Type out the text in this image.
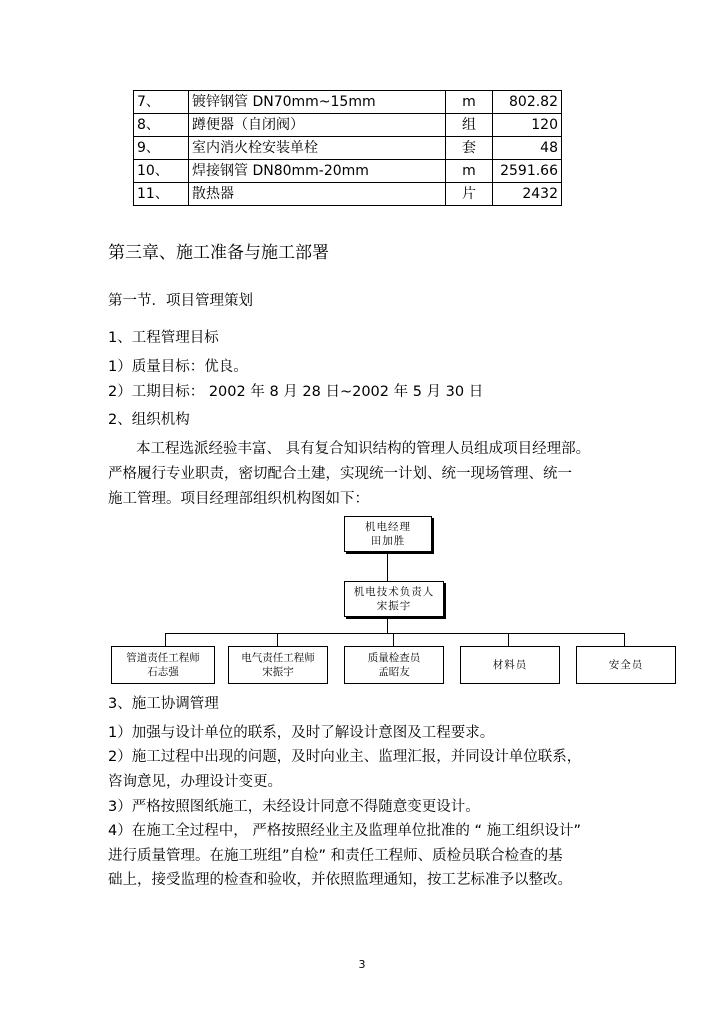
7、	镀锌钢管 DN70mm~15mm	m	802.82
8、	蹲便器（自闭阀）	组	120
9、	室内消火栓安装单栓	套	48
10、	焊接钢管 DN80mm-20mm	m	2591.66
11、	散热器	片	2432
第三章、施工准备与施工部署
第一节．项目管理策划
1、工程管理目标
1）质量目标：优良。
2）工期目标： 2002 年 8 月 28 日~2002 年 5 月 30 日
2、组织机构
本工程选派经验丰富、 具有复合知识结构的管理人员组成项目经理部。
严格履行专业职责，密切配合土建，实现统一计划、统一现场管理、统一
施工管理。项目经理部组织机构图如下：
机电经理
田加胜
机电技术负责人
宋振宇
管道责任工程师
石志强
电气责任工程师
宋振宇
质量检查员
孟昭友
材料员	安全员
3、施工协调管理
1）加强与设计单位的联系，及时了解设计意图及工程要求。
2）施工过程中出现的问题，及时向业主、监理汇报，并同设计单位联系，
咨询意见，办理设计变更。
3）严格按照图纸施工，未经设计同意不得随意变更设计。
4）在施工全过程中， 严格按照经业主及监理单位批准的 “ 施工组织设计”
进行质量管理。在施工班组”自检” 和责任工程师、质检员联合检查的基
础上，接受监理的检查和验收，并依照监理通知，按工艺标准予以整改。
3
